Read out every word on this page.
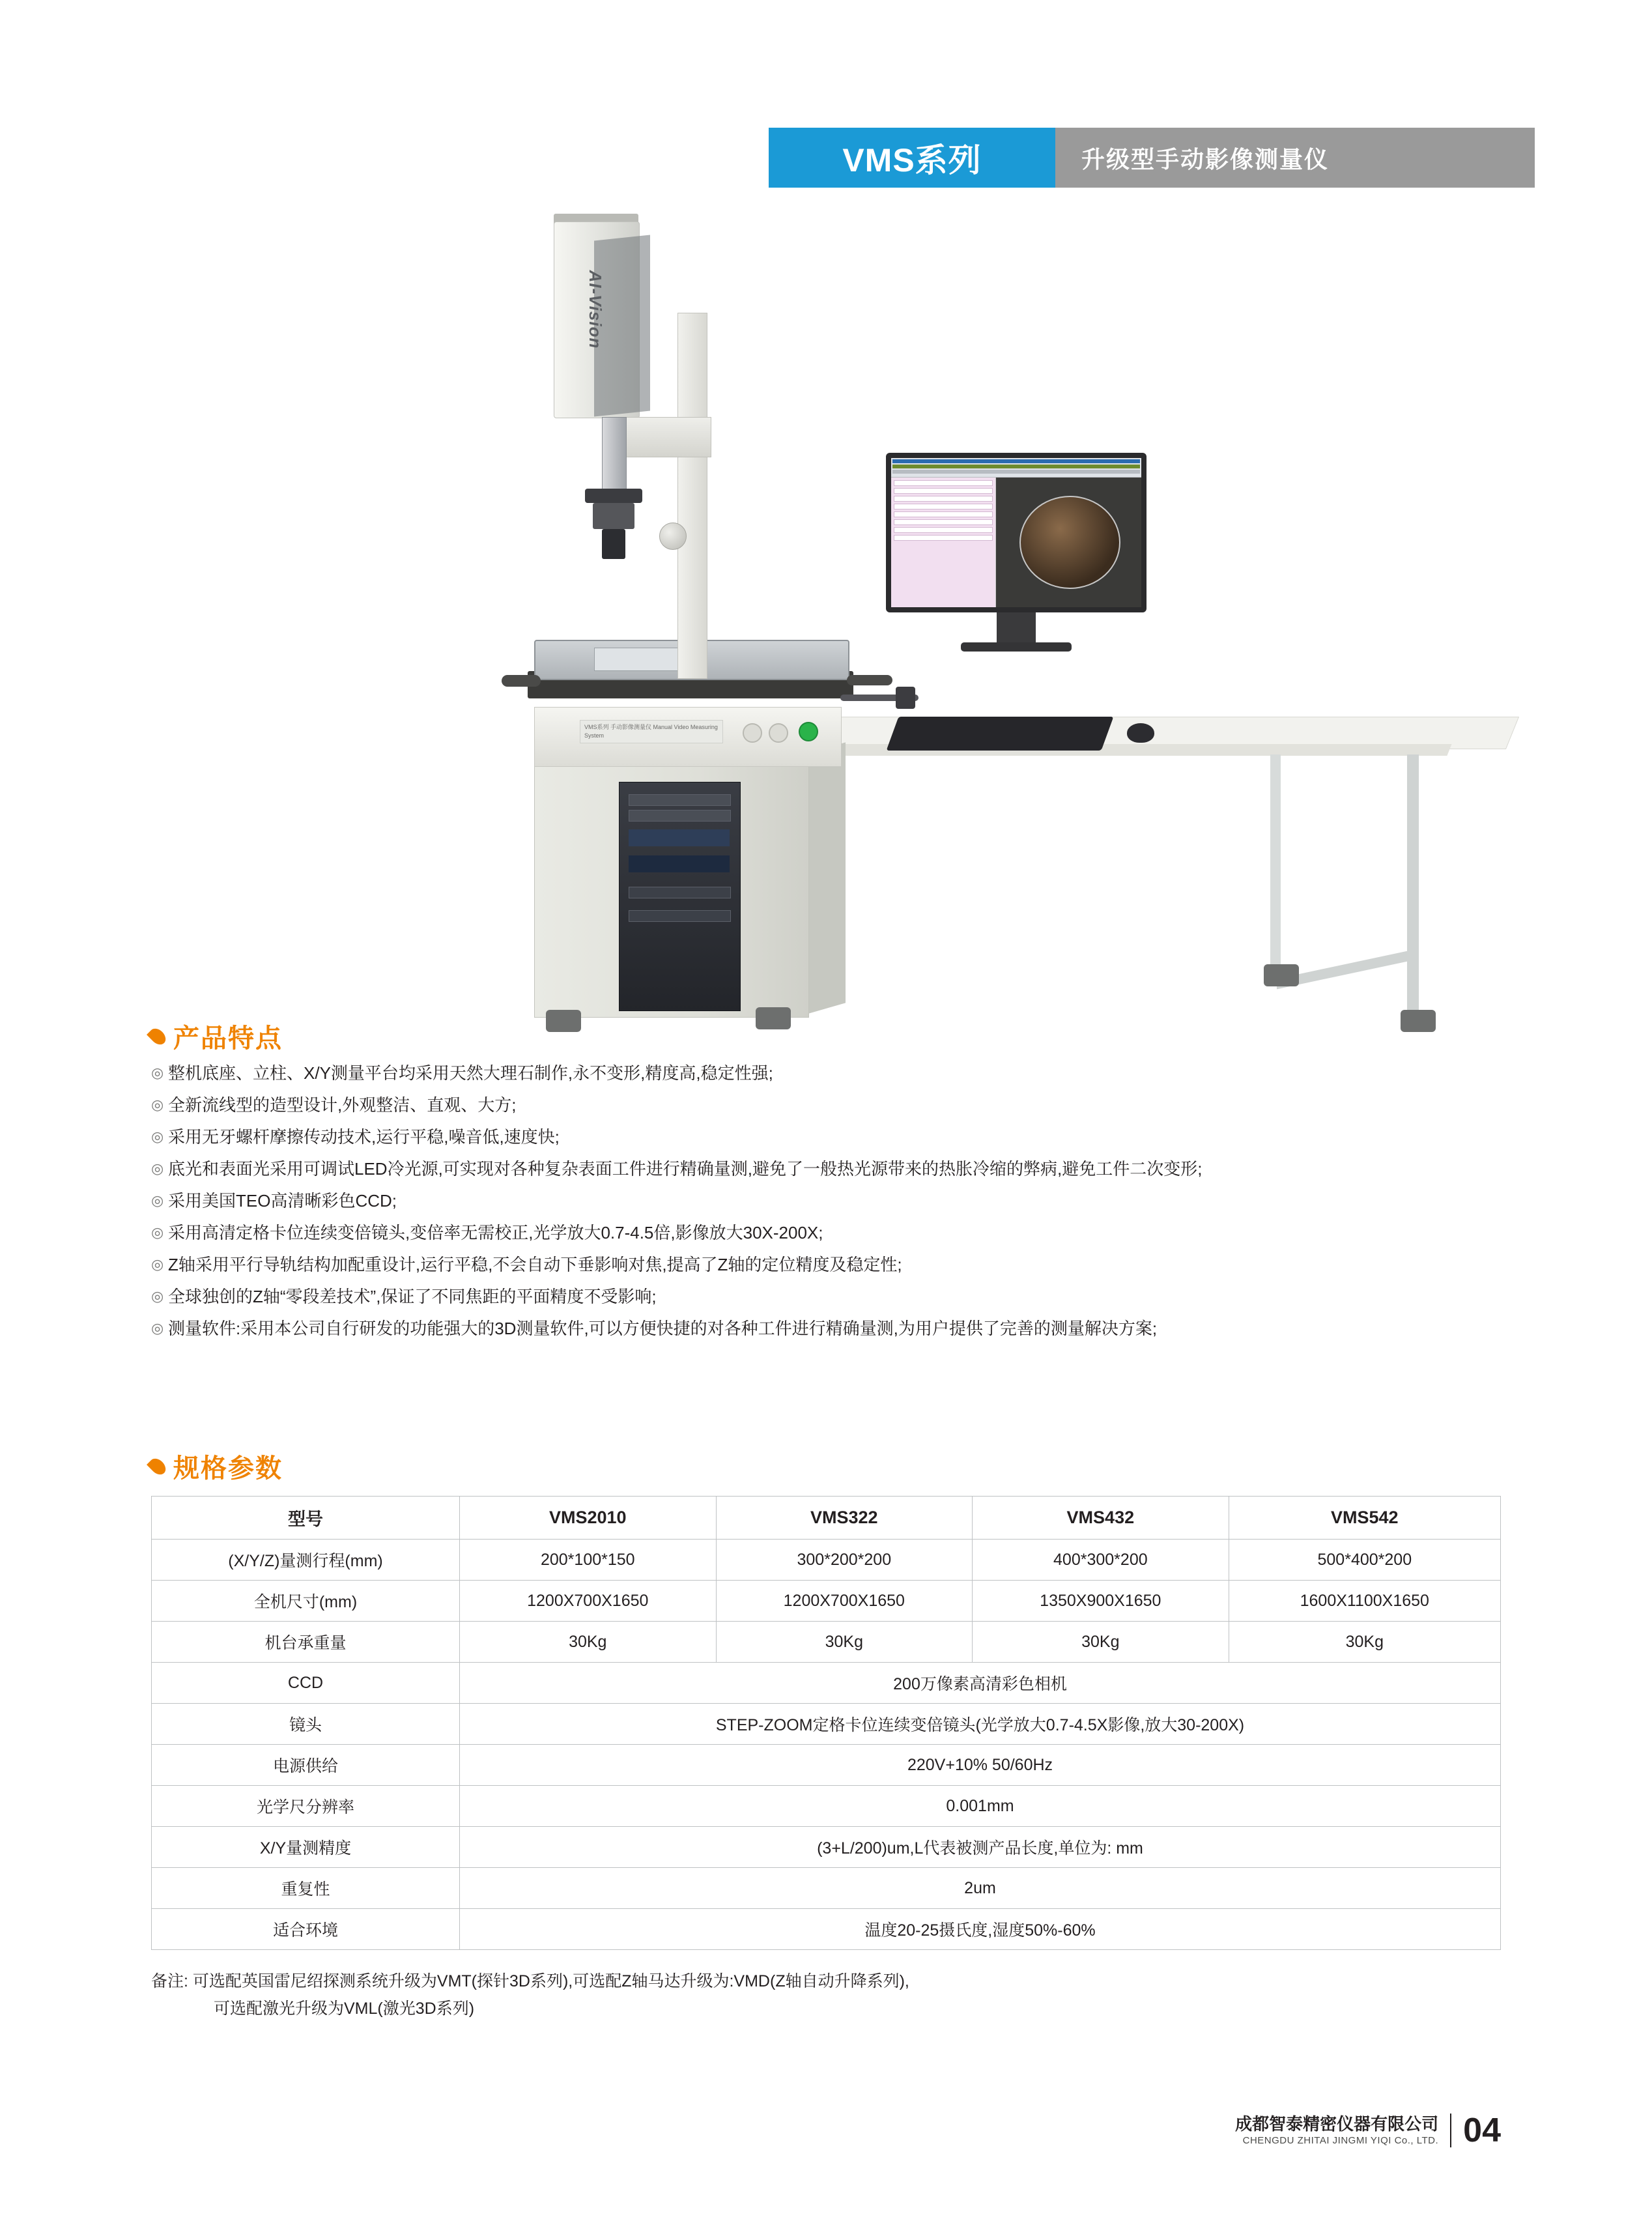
VMS系列	升级型手动影像测量仪
VMS系列 手动影像测量仪 Manual Video Measuring System
AI-Vision
产品特点
◎ 整机底座、立柱、X/Y测量平台均采用天然大理石制作,永不变形,精度高,稳定性强;
◎ 全新流线型的造型设计,外观整洁、直观、大方;
◎ 采用无牙螺杆摩擦传动技术,运行平稳,噪音低,速度快;
◎ 底光和表面光采用可调试LED冷光源,可实现对各种复杂表面工件进行精确量测,避免了一般热光源带来的热胀冷缩的弊病,避免工件二次变形;
◎ 采用美国TEO高清晰彩色CCD;
◎ 采用高清定格卡位连续变倍镜头,变倍率无需校正,光学放大0.7-4.5倍,影像放大30X-200X;
◎ Z轴采用平行导轨结构加配重设计,运行平稳,不会自动下垂影响对焦,提高了Z轴的定位精度及稳定性;
◎ 全球独创的Z轴“零段差技术”,保证了不同焦距的平面精度不受影响;
◎ 测量软件:采用本公司自行研发的功能强大的3D测量软件,可以方便快捷的对各种工件进行精确量测,为用户提供了完善的测量解决方案;
规格参数
型号	VMS2010	VMS322	VMS432	VMS542
(X/Y/Z)量测行程(mm)	200*100*150	300*200*200	400*300*200	500*400*200
全机尺寸(mm)	1200X700X1650	1200X700X1650	1350X900X1650	1600X1100X1650
机台承重量	30Kg	30Kg	30Kg	30Kg
CCD	200万像素高清彩色相机			
镜头	STEP-ZOOM定格卡位连续变倍镜头(光学放大0.7-4.5X影像,放大30-200X)			
电源供给	220V+10% 50/60Hz			
光学尺分辨率	0.001mm			
X/Y量测精度	(3+L/200)um,L代表被测产品长度,单位为: mm			
重复性	2um			
适合环境	温度20-25摄氏度,湿度50%-60%			
备注: 可选配英国雷尼绍探测系统升级为VMT(探针3D系列),可选配Z轴马达升级为:VMD(Z轴自动升降系列),
可选配激光升级为VML(激光3D系列)
成都智泰精密仪器有限公司
CHENGDU ZHITAI JINGMI YIQI Co., LTD. 04
